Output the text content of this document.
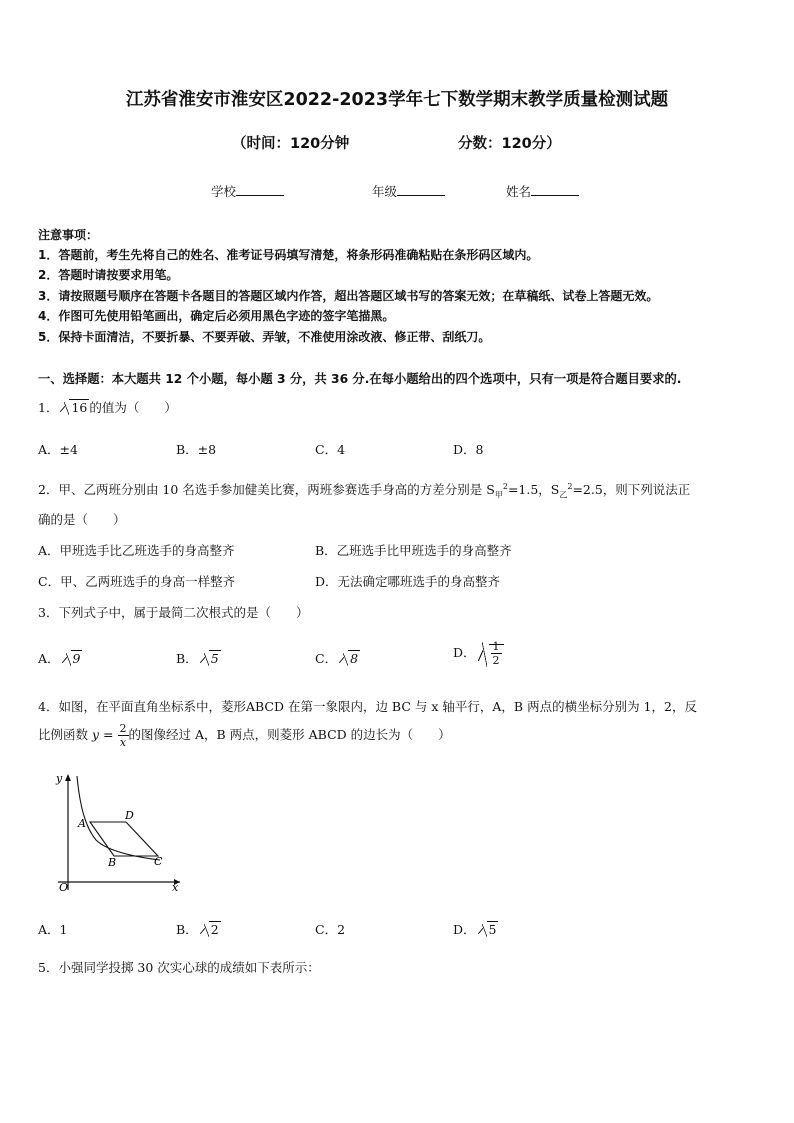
江苏省淮安市淮安区2022-2023学年七下数学期末教学质量检测试题
（时间：120分钟	分数：120分）
学校	年级	姓名
注意事项：
1．答题前，考生先将自己的姓名、准考证号码填写清楚，将条形码准确粘贴在条形码区域内。
2．答题时请按要求用笔。
3．请按照题号顺序在答题卡各题目的答题区域内作答，超出答题区域书写的答案无效；在草稿纸、试卷上答题无效。
4．作图可先使用铅笔画出，确定后必须用黑色字迹的签字笔描黑。
5．保持卡面清洁，不要折暴、不要弄破、弄皱，不准使用涂改液、修正带、刮纸刀。
一、选择题：本大题共 12 个小题，每小题 3 分，共 36 分.在每小题给出的四个选项中，只有一项是符合题目要求的.
1． 16 的值为（　　）
A．±4	B．±8	C．4	D．8
2．甲、乙两班分别由 10 名选手参加健美比赛，两班参赛选手身高的方差分别是 $S_甲^2=1.5$，$S_乙^2=2.5$，则下列说法正
确的是（　　）
A．甲班选手比乙班选手的身高整齐	B．乙班选手比甲班选手的身高整齐
C．甲、乙两班选手的身高一样整齐	D．无法确定哪班选手的身高整齐
3．下列式子中，属于最简二次根式的是（　　）
A． 9	B． 5	C． 8	D． $\frac{1}{2}$
4．如图，在平面直角坐标系中，菱形ABCD 在第一象限内，边 BC 与 x 轴平行，A，B 两点的横坐标分别为 1，2，反
比例函数 $y = \frac{2}{x}$ 的图像经过 A，B 两点，则菱形 ABCD 的边长为（　　）
y
x
O
A
D
B	C
A．1	B． 2	C．2	D． 5
5．小强同学投掷 30 次实心球的成绩如下表所示：
